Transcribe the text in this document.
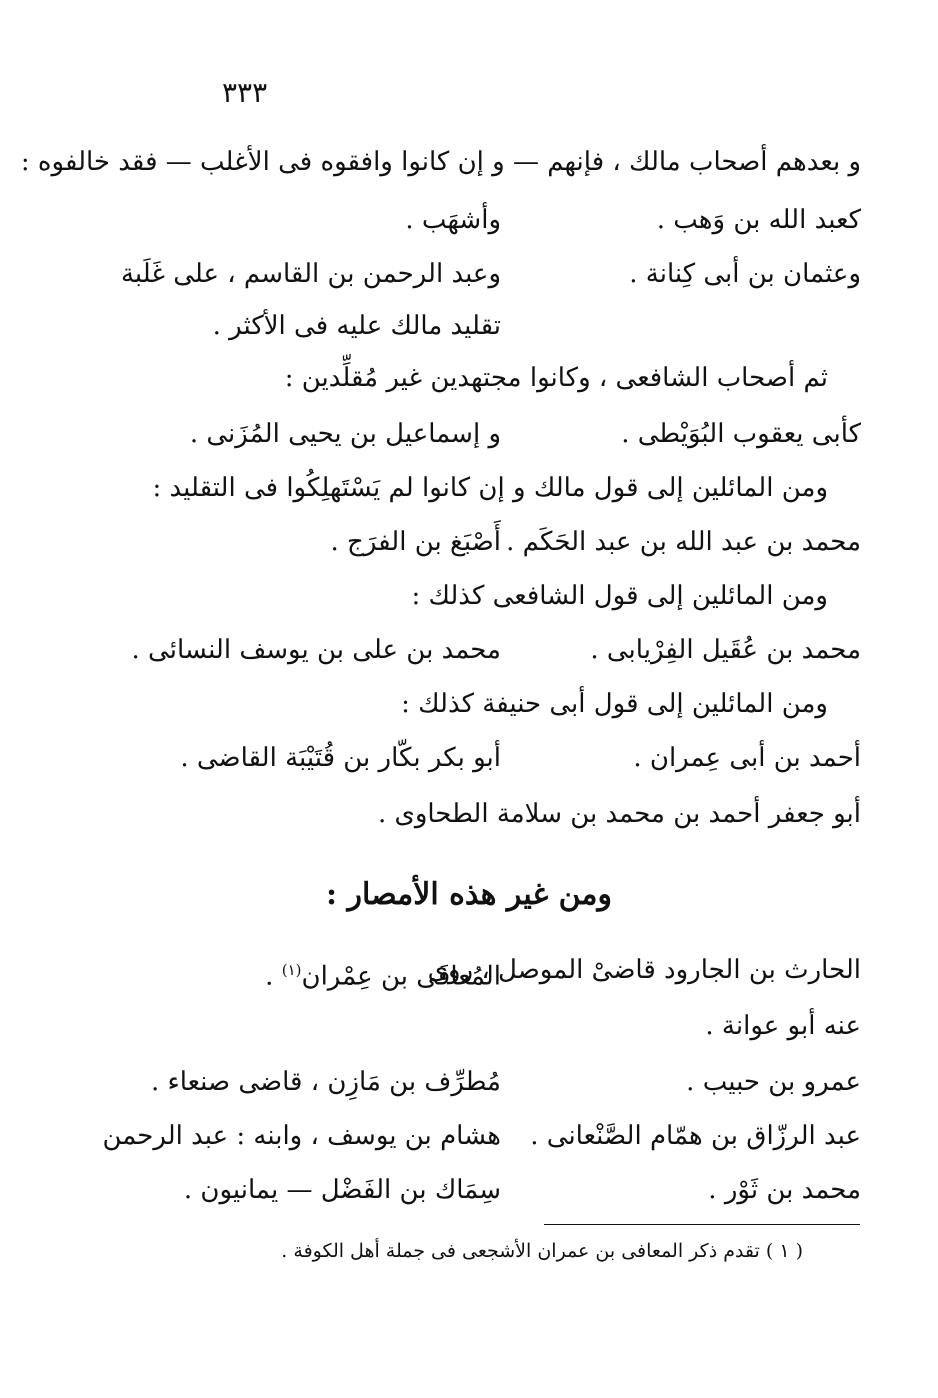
٣٣٣
و بعدهم أصحاب مالك ، فإنهم — و إن كانوا وافقوه فى الأغلب — فقد خالفوه :
كعبد الله بن وَهب .
وأشهَب .
وعثمان بن أبى كِنانة .
وعبد الرحمن بن القاسم ، على غَلَبة
تقليد مالك عليه فى الأكثر .
ثم أصحاب الشافعى ، وكانوا مجتهدين غير مُقلِّدين :
كأبى يعقوب البُوَيْطى .
و إسماعيل بن يحيى المُزَنى .
ومن المائلين إلى قول مالك و إن كانوا لم يَسْتَهلِكُوا فى التقليد :
محمد بن عبد الله بن عبد الحَكَم .
أَصْبَغ بن الفرَج .
ومن المائلين إلى قول الشافعى كذلك :
محمد بن عُقَيل الفِرْيابى .
محمد بن على بن يوسف النسائى .
ومن المائلين إلى قول أبى حنيفة كذلك :
أحمد بن أبى عِمران .
أبو بكر بكّار بن قُتَيْبَة القاضى .
أبو جعفر أحمد بن محمد بن سلامة الطحاوى .
ومن غير هذه الأمصار :
الحارث بن الجارود قاضىْ الموصل ، روى
المُعافَى بن عِمْران$^{(١)}$ .
عنه أبو عوانة .
عمرو بن حبيب .
مُطرِّف بن مَازِن ، قاضى صنعاء .
عبد الرزّاق بن همّام الصَّنْعانى .
هشام بن يوسف ، وابنه : عبد الرحمن
محمد بن ثَوْر .
سِمَاك بن الفَضْل — يمانيون .
( ١ ) تقدم ذكر المعافى بن عمران الأشجعى فى جملة أهل الكوفة .
